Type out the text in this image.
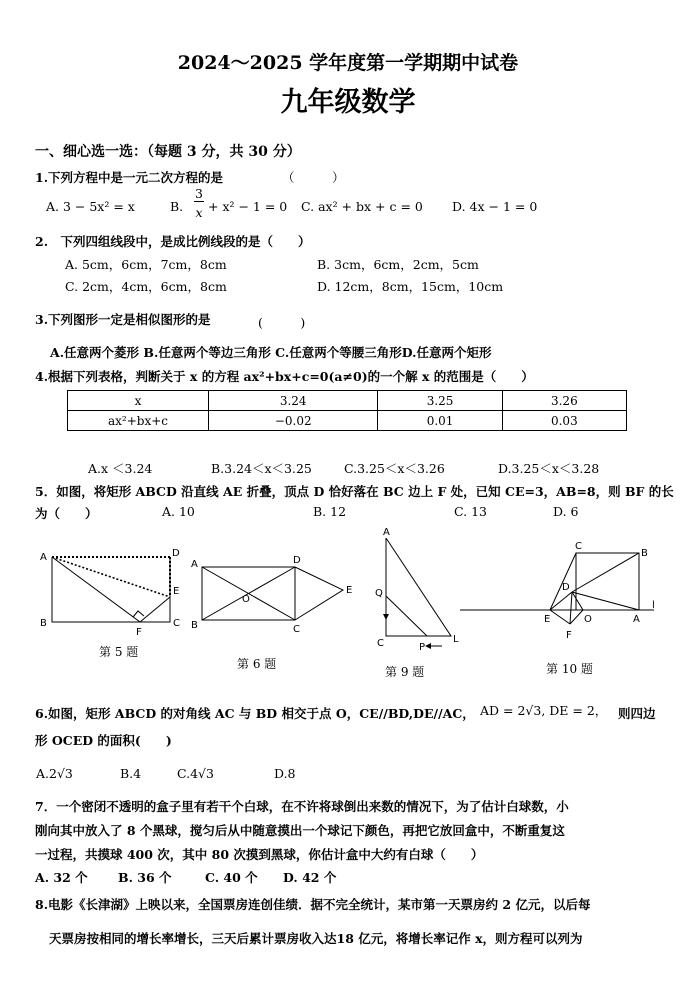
2024～2025 学年度第一学期期中试卷
九年级数学
一、细心选一选：（每题 3 分，共 30 分）
1.下列方程中是一元二次方程的是	（　　　）
A. 3 − 5x² = x	B.
3
x + x² − 1 = 0 C. ax² + bx + c = 0 D. 4x − 1 = 0
2.　下列四组线段中，是成比例线段的是（　　）
A. 5cm，6cm，7cm，8cm	B. 3cm，6cm，2cm，5cm
C. 2cm，4cm，6cm，8cm	D. 12cm，8cm，15cm，10cm
3.下列图形一定是相似图形的是	(　　　)
A.任意两个菱形 B.任意两个等边三角形 C.任意两个等腰三角形D.任意两个矩形
4.根据下列表格，判断关于 x 的方程 ax²+bx+c=0(a≠0)的一个解 x 的范围是（　　）
x	3.24	3.25	3.26
ax²+bx+c	−0.02	0.01	0.03
A.x ＜3.24	B.3.24＜x＜3.25	C.3.25＜x＜3.26	D.3.25＜x＜3.28
5．如图，将矩形 ABCD 沿直线 AE 折叠，顶点 D 恰好落在 BC 边上 F 处，已知 CE=3，AB=8，则 BF 的长
为（　　）	A. 10	B. 12	C. 13	D. 6
A	D
E
B
F
C
A	D
O
E
B	C
A
Q
C	P
L
C
B
D
E	O	A
F
l
第 5 题
第 6 题
第 9 题	第 10 题
6.如图，矩形 ABCD 的对角线 AC 与 BD 相交于点 O，CE//BD,DE//AC， AD = 2√3, DE = 2， 则四边
形 OCED 的面积(　　)
A.2√3	B.4	C.4√3	D.8
7．一个密闭不透明的盒子里有若干个白球，在不许将球倒出来数的情况下，为了估计白球数，小
刚向其中放入了 8 个黑球，搅匀后从中随意摸出一个球记下颜色，再把它放回盒中，不断重复这
一过程，共摸球 400 次，其中 80 次摸到黑球，你估计盒中大约有白球（　　）
A. 32 个 B. 36 个	C. 40 个 D. 42 个
8.电影《长津湖》上映以来，全国票房连创佳绩．据不完全统计，某市第一天票房约 2 亿元，以后每
天票房按相同的增长率增长，三天后累计票房收入达18 亿元，将增长率记作 x，则方程可以列为
